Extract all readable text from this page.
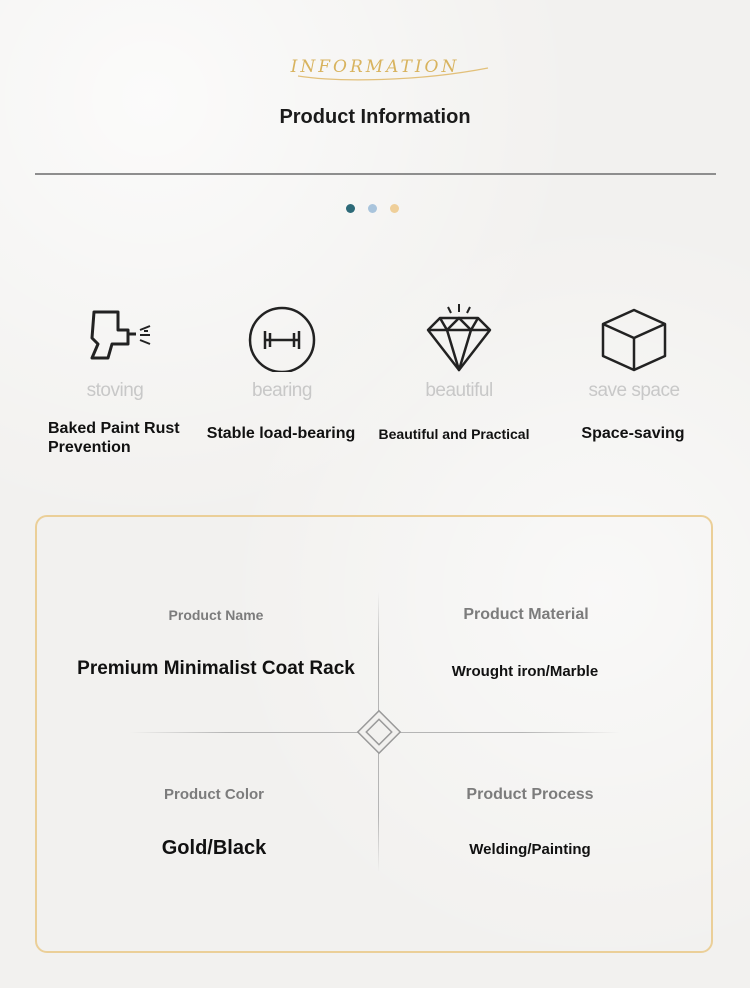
INFORMATION
Product Information
stoving
Baked Paint Rust Prevention
bearing
Stable load-bearing
beautiful
Beautiful and Practical
save space
Space-saving
Product Name
Premium Minimalist Coat Rack
Product Material
Wrought iron/Marble
Product Color
Gold/Black
Product Process
Welding/Painting
